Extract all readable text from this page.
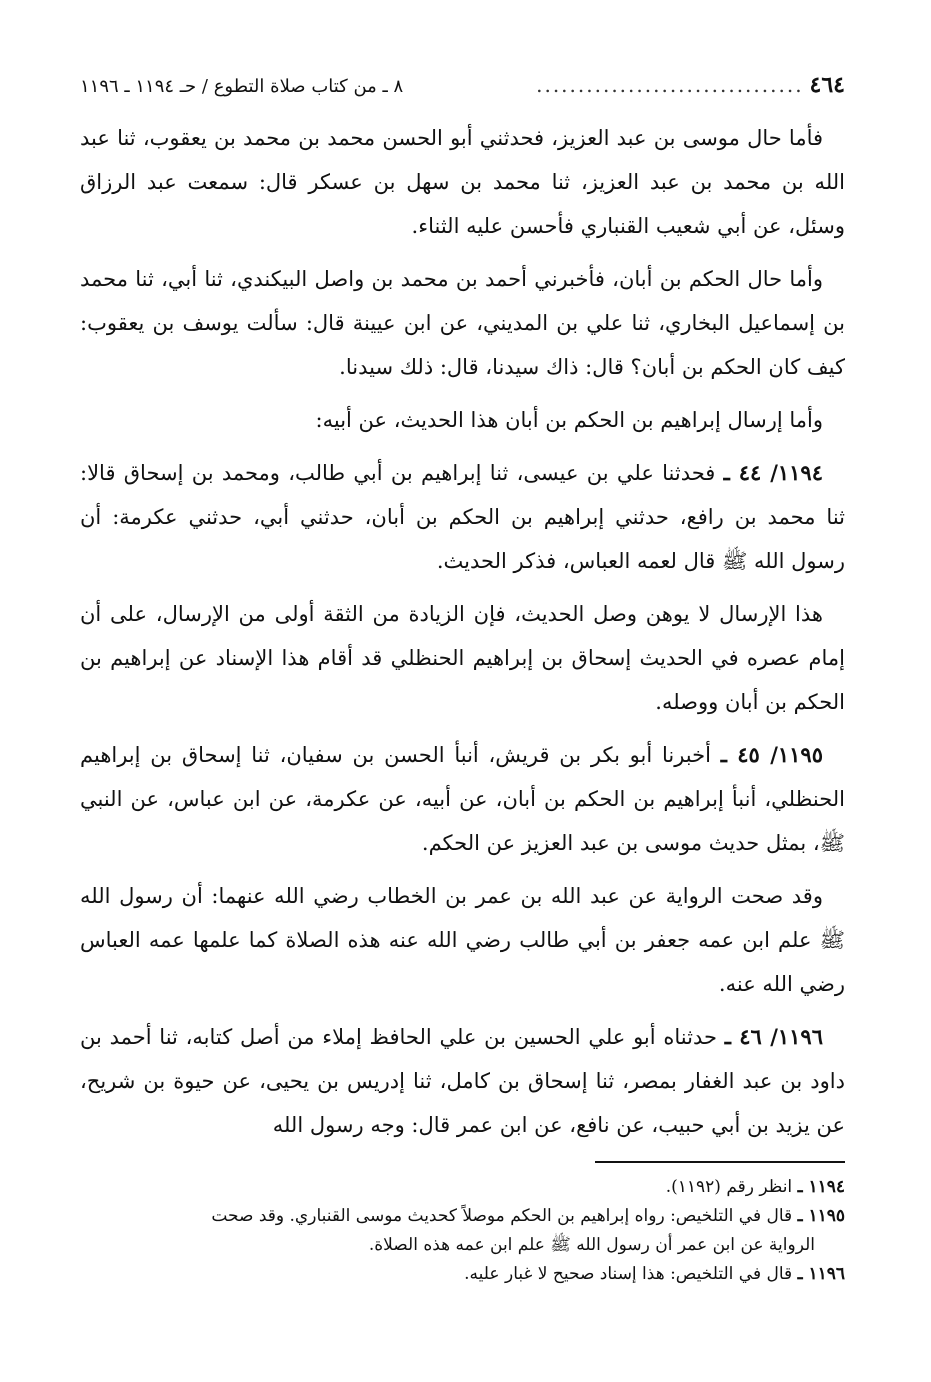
٤٦٤
................................
٨ ـ من كتاب صلاة التطوع / حـ ١١٩٤ ـ ١١٩٦

فأما حال موسى بن عبد العزيز، فحدثني أبو الحسن محمد بن محمد بن يعقوب، ثنا عبد الله بن محمد بن عبد العزيز، ثنا محمد بن سهل بن عسكر قال: سمعت عبد الرزاق وسئل، عن أبي شعيب القنباري فأحسن عليه الثناء.

وأما حال الحكم بن أبان، فأخبرني أحمد بن محمد بن واصل البيكندي، ثنا أبي، ثنا محمد بن إسماعيل البخاري، ثنا علي بن المديني، عن ابن عيينة قال: سألت يوسف بن يعقوب: كيف كان الحكم بن أبان؟ قال: ذاك سيدنا، قال: ذلك سيدنا.

وأما إرسال إبراهيم بن الحكم بن أبان هذا الحديث، عن أبيه:

١١٩٤/ ٤٤ ـ فحدثنا علي بن عيسى، ثنا إبراهيم بن أبي طالب، ومحمد بن إسحاق قالا: ثنا محمد بن رافع، حدثني إبراهيم بن الحكم بن أبان، حدثني أبي، حدثني عكرمة: أن رسول الله ﷺ قال لعمه العباس، فذكر الحديث.

هذا الإرسال لا يوهن وصل الحديث، فإن الزيادة من الثقة أولى من الإرسال، على أن إمام عصره في الحديث إسحاق بن إبراهيم الحنظلي قد أقام هذا الإسناد عن إبراهيم بن الحكم بن أبان ووصله.

١١٩٥/ ٤٥ ـ أخبرنا أبو بكر بن قريش، أنبأ الحسن بن سفيان، ثنا إسحاق بن إبراهيم الحنظلي، أنبأ إبراهيم بن الحكم بن أبان، عن أبيه، عن عكرمة، عن ابن عباس، عن النبي ﷺ، بمثل حديث موسى بن عبد العزيز عن الحكم.

وقد صحت الرواية عن عبد الله بن عمر بن الخطاب رضي الله عنهما: أن رسول الله ﷺ علم ابن عمه جعفر بن أبي طالب رضي الله عنه هذه الصلاة كما علمها عمه العباس رضي الله عنه.

١١٩٦/ ٤٦ ـ حدثناه أبو علي الحسين بن علي الحافظ إملاء من أصل كتابه، ثنا أحمد بن داود بن عبد الغفار بمصر، ثنا إسحاق بن كامل، ثنا إدريس بن يحيى، عن حيوة بن شريح، عن يزيد بن أبي حبيب، عن نافع، عن ابن عمر قال: وجه رسول الله

١١٩٤ ـ انظر رقم (١١٩٢).

١١٩٥ ـ قال في التلخيص: رواه إبراهيم بن الحكم موصلاً كحديث موسى القنباري. وقد صحت
الرواية عن ابن عمر أن رسول الله ﷺ علم ابن عمه هذه الصلاة.

١١٩٦ ـ قال في التلخيص: هذا إسناد صحيح لا غبار عليه.
